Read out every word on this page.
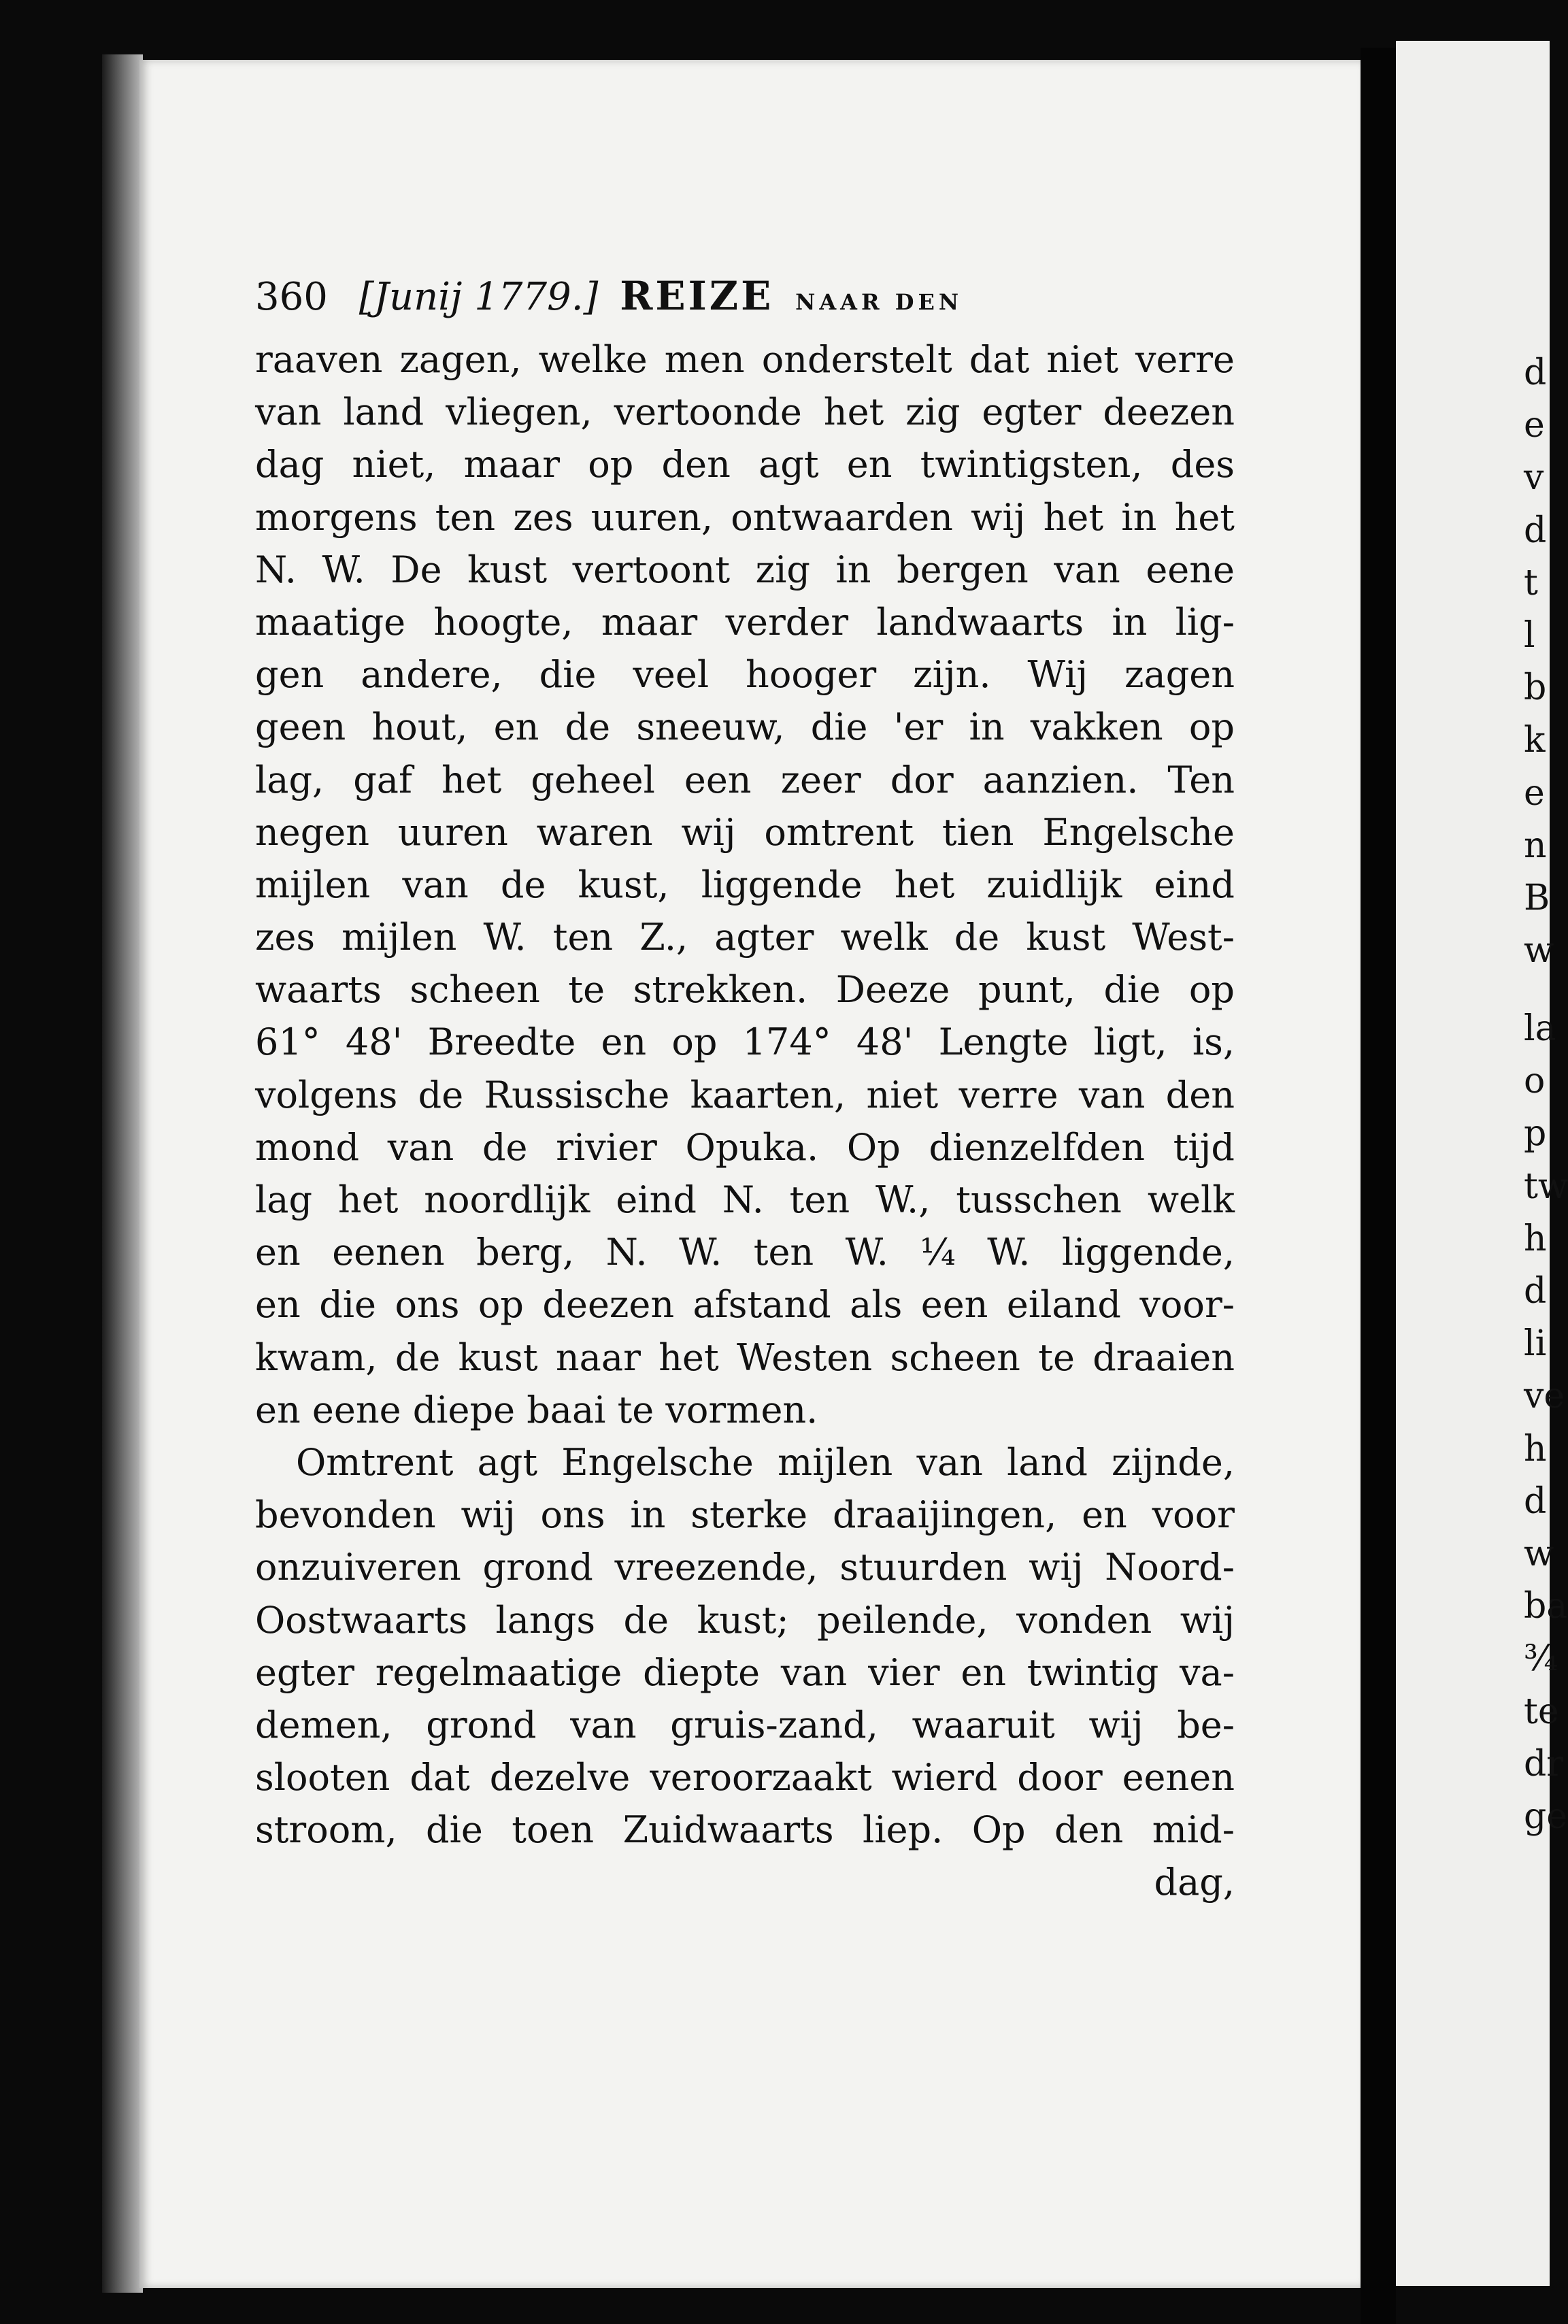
360 [Junij 1779.] REIZE NAAR DEN
raaven zagen, welke men onderstelt dat niet verre
van land vliegen, vertoonde het zig egter deezen
dag niet, maar op den agt en twintigsten, des
morgens ten zes uuren, ontwaarden wij het in het
N. W. De kust vertoont zig in bergen van eene
maatige hoogte, maar verder landwaarts in lig-
gen andere, die veel hooger zijn. Wij zagen
geen hout, en de sneeuw, die 'er in vakken op
lag, gaf het geheel een zeer dor aanzien. Ten
negen uuren waren wij omtrent tien Engelsche
mijlen van de kust, liggende het zuidlijk eind
zes mijlen W. ten Z., agter welk de kust West-
waarts scheen te strekken. Deeze punt, die op
61° 48' Breedte en op 174° 48' Lengte ligt, is,
volgens de Russische kaarten, niet verre van den
mond van de rivier Opuka. Op dienzelfden tijd
lag het noordlijk eind N. ten W., tusschen welk
en eenen berg, N. W. ten W. ¼ W. liggende,
en die ons op deezen afstand als een eiland voor-
kwam, de kust naar het Westen scheen te draaien
en eene diepe baai te vormen.
Omtrent agt Engelsche mijlen van land zijnde,
bevonden wij ons in sterke draaijingen, en voor
onzuiveren grond vreezende, stuurden wij Noord-
Oostwaarts langs de kust; peilende, vonden wij
egter regelmaatige diepte van vier en twintig va-
demen, grond van gruis-zand, waaruit wij be-
slooten dat dezelve veroorzaakt wierd door eenen
stroom, die toen Zuidwaarts liep. Op den mid-
dag,
d
e
v
d
t
l
b
k
e
n
B
w
la
o
p
tw
h
d
li
ve
h
d
w
ba
¾
te
dr
ge
